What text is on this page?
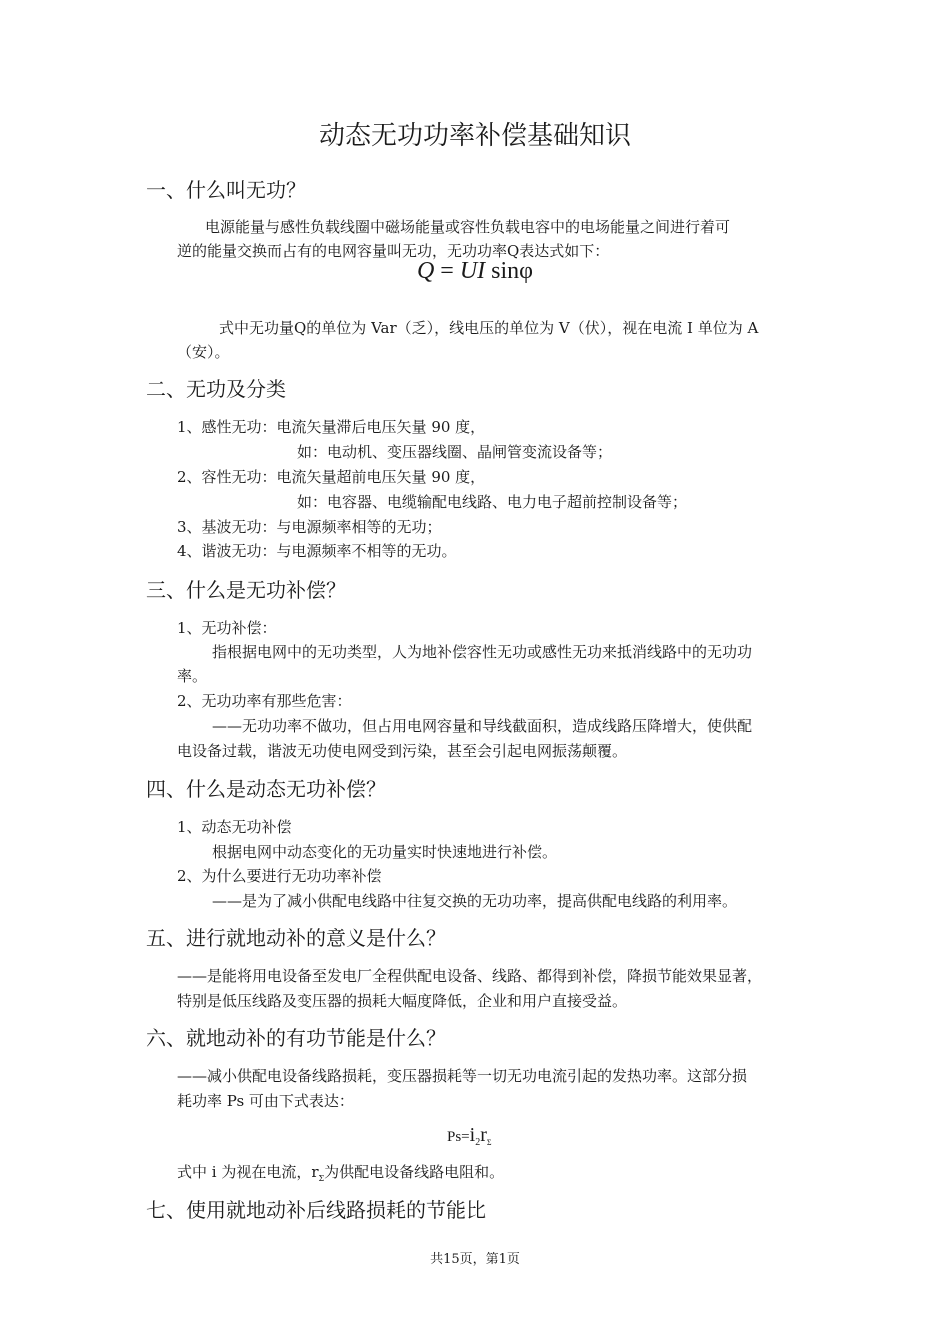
动态无功功率补偿基础知识
一、什么叫无功？
电源能量与感性负载线圈中磁场能量或容性负载电容中的电场能量之间进行着可
逆的能量交换而占有的电网容量叫无功，无功功率Q表达式如下：
Q = UI sinφ
式中无功量Q的单位为 Var（乏），线电压的单位为 V（伏），视在电流 I 单位为 A
（安）。
二、无功及分类
1、感性无功：电流矢量滞后电压矢量 90 度，
如：电动机、变压器线圈、晶闸管变流设备等；
2、容性无功：电流矢量超前电压矢量 90 度，
如：电容器、电缆输配电线路、电力电子超前控制设备等；
3、基波无功：与电源频率相等的无功；
4、谐波无功：与电源频率不相等的无功。
三、什么是无功补偿？
1、无功补偿：
指根据电网中的无功类型，人为地补偿容性无功或感性无功来抵消线路中的无功功
率。
2、无功功率有那些危害：
——无功功率不做功，但占用电网容量和导线截面积，造成线路压降增大，使供配
电设备过载，谐波无功使电网受到污染，甚至会引起电网振荡颠覆。
四、什么是动态无功补偿？
1、动态无功补偿
根据电网中动态变化的无功量实时快速地进行补偿。
2、为什么要进行无功功率补偿
——是为了减小供配电线路中往复交换的无功功率，提高供配电线路的利用率。
五、进行就地动补的意义是什么？
——是能将用电设备至发电厂全程供配电设备、线路、都得到补偿，降损节能效果显著，
特别是低压线路及变压器的损耗大幅度降低，企业和用户直接受益。
六、就地动补的有功节能是什么？
——减小供配电设备线路损耗，变压器损耗等一切无功电流引起的发热功率。这部分损
耗功率 Ps 可由下式表达：
$Ps=i_2r_\Sigma$
式中 i 为视在电流，$r_\Sigma$为供配电设备线路电阻和。
七、使用就地动补后线路损耗的节能比
共15页，第1页
